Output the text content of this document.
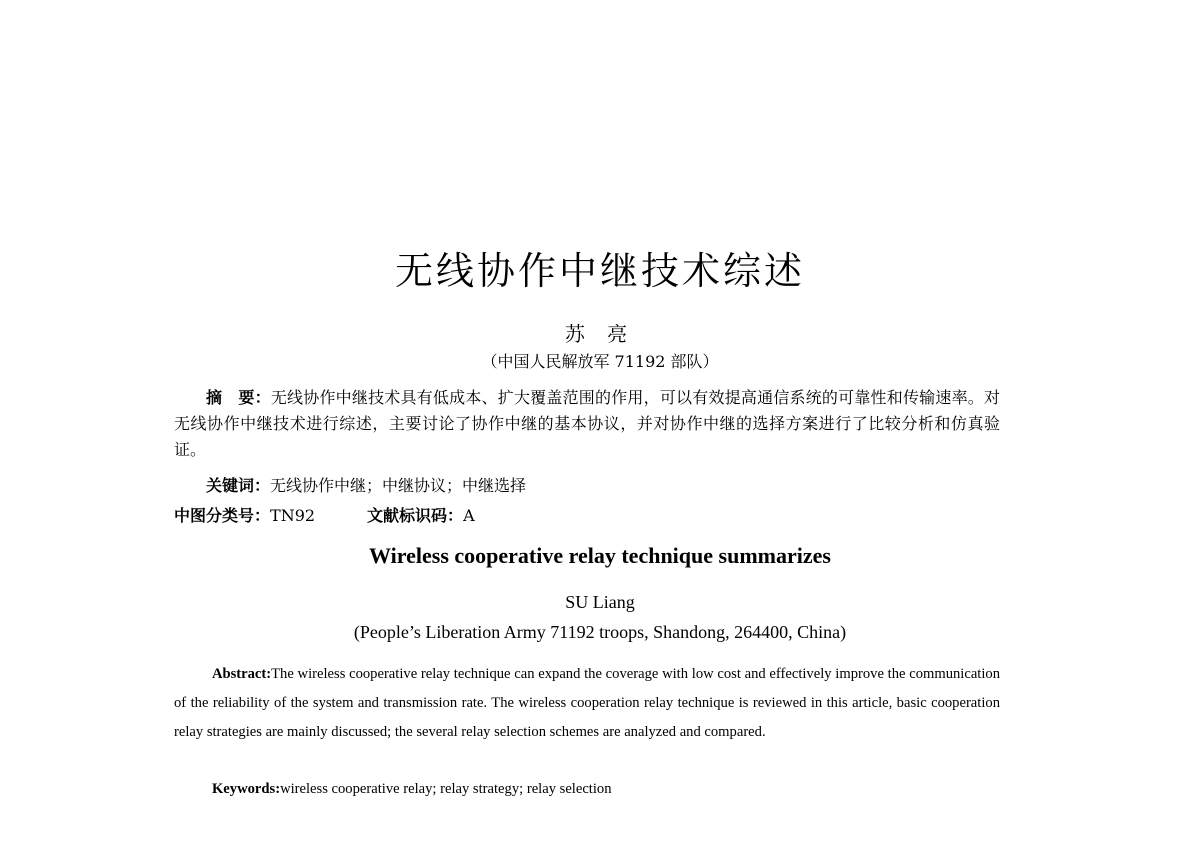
无线协作中继技术综述
苏 亮
（中国人民解放军 71192 部队）
摘　要：无线协作中继技术具有低成本、扩大覆盖范围的作用，可以有效提高通信系统的可靠性和传输速率。对无线协作中继技术进行综述，主要讨论了协作中继的基本协议，并对协作中继的选择方案进行了比较分析和仿真验证。
关键词：无线协作中继；中继协议；中继选择
中图分类号：TN92	文献标识码：A
Wireless cooperative relay technique summarizes
SU Liang
(People’s Liberation Army 71192 troops, Shandong, 264400, China)
Abstract:The wireless cooperative relay technique can expand the coverage with low cost and effectively improve the communication of the reliability of the system and transmission rate. The wireless cooperation relay technique is reviewed in this article, basic cooperation relay strategies are mainly discussed; the several relay selection schemes are analyzed and compared.
Keywords:wireless cooperative relay; relay strategy; relay selection
